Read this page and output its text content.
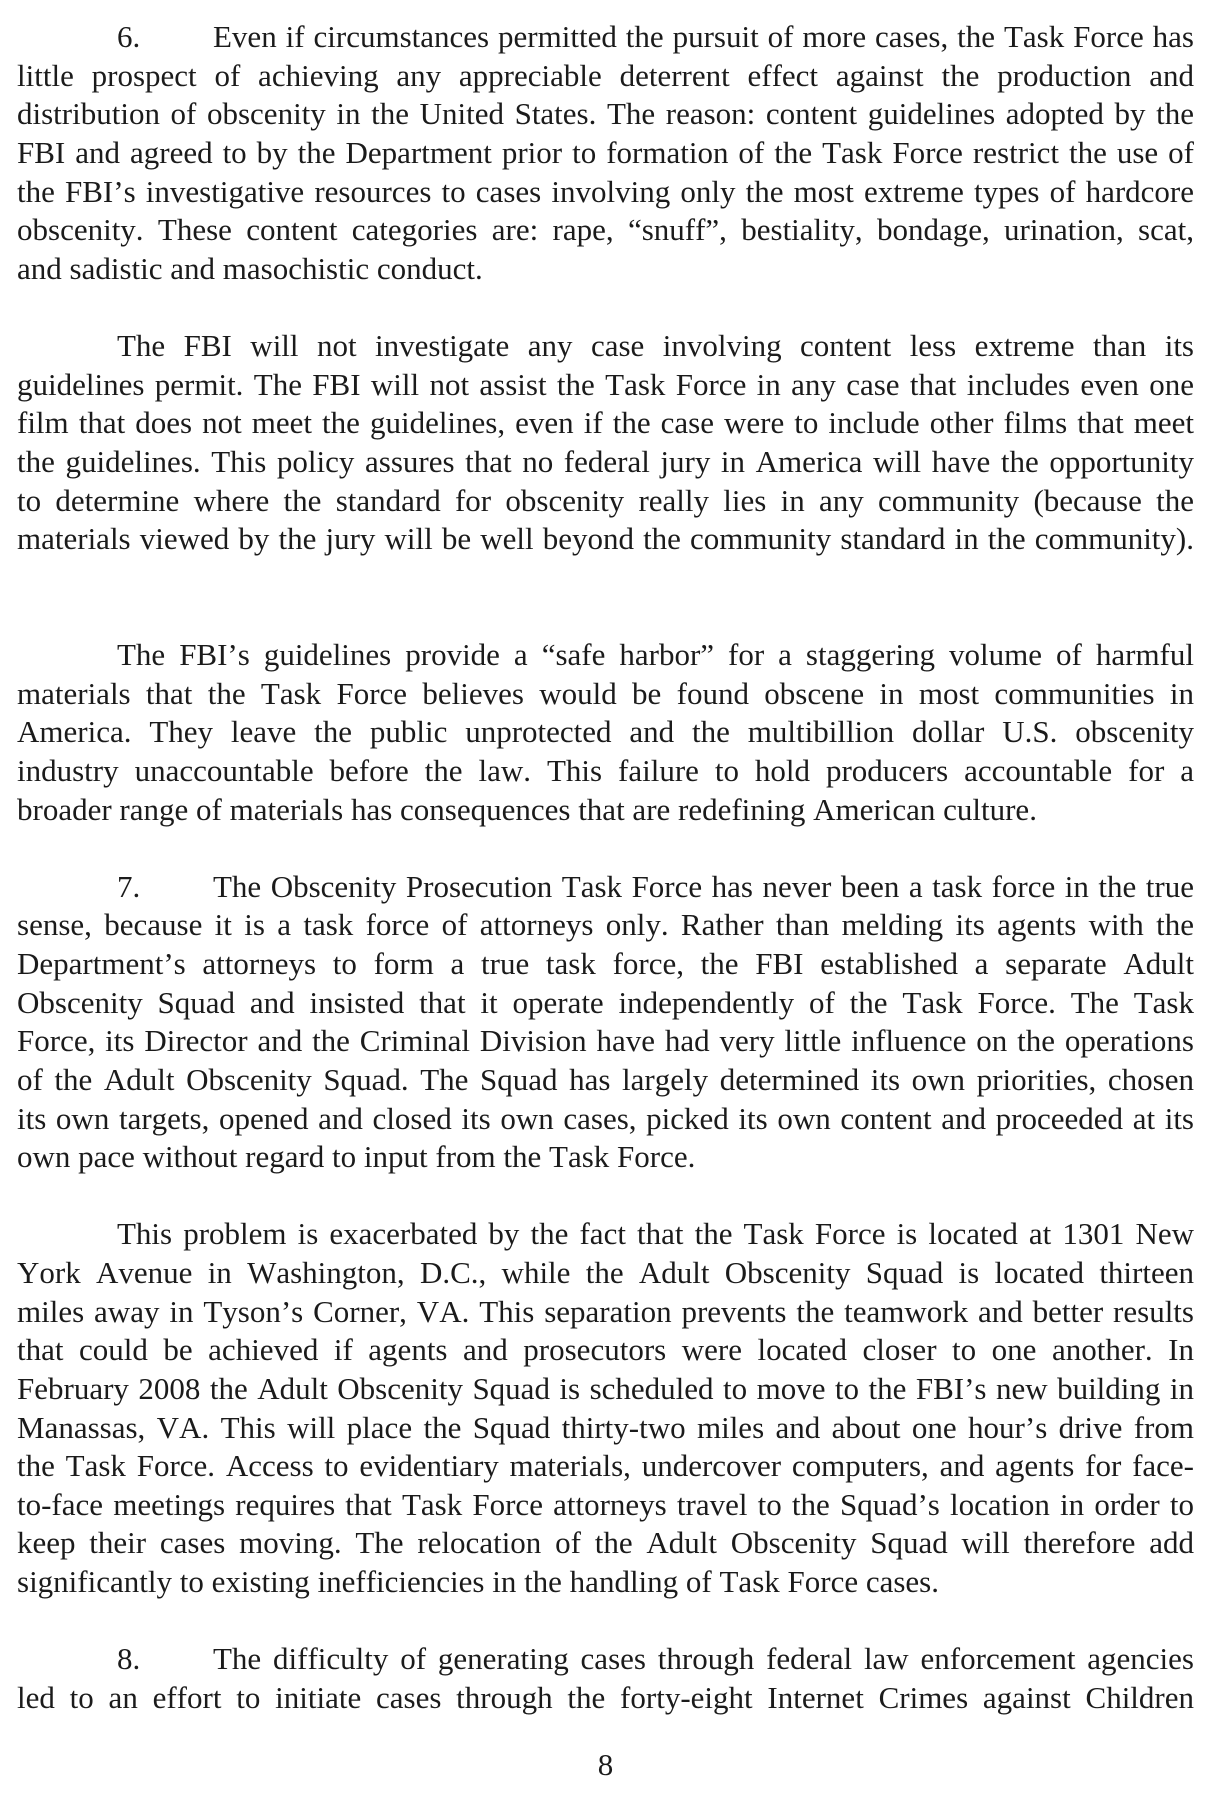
6.	Even if circumstances permitted the pursuit of more cases, the Task Force has
little prospect of achieving any appreciable deterrent effect against the production and
distribution of obscenity in the United States. The reason: content guidelines adopted by the
FBI and agreed to by the Department prior to formation of the Task Force restrict the use of
the FBI’s investigative resources to cases involving only the most extreme types of hardcore
obscenity. These content categories are: rape, “snuff”, bestiality, bondage, urination, scat,
and sadistic and masochistic conduct.
The FBI will not investigate any case involving content less extreme than its
guidelines permit. The FBI will not assist the Task Force in any case that includes even one
film that does not meet the guidelines, even if the case were to include other films that meet
the guidelines. This policy assures that no federal jury in America will have the opportunity
to determine where the standard for obscenity really lies in any community (because the
materials viewed by the jury will be well beyond the community standard in the community).
The FBI’s guidelines provide a “safe harbor” for a staggering volume of harmful
materials that the Task Force believes would be found obscene in most communities in
America. They leave the public unprotected and the multibillion dollar U.S. obscenity
industry unaccountable before the law. This failure to hold producers accountable for a
broader range of materials has consequences that are redefining American culture.
7.	The Obscenity Prosecution Task Force has never been a task force in the true
sense, because it is a task force of attorneys only. Rather than melding its agents with the
Department’s attorneys to form a true task force, the FBI established a separate Adult
Obscenity Squad and insisted that it operate independently of the Task Force. The Task
Force, its Director and the Criminal Division have had very little influence on the operations
of the Adult Obscenity Squad. The Squad has largely determined its own priorities, chosen
its own targets, opened and closed its own cases, picked its own content and proceeded at its
own pace without regard to input from the Task Force.
This problem is exacerbated by the fact that the Task Force is located at 1301 New
York Avenue in Washington, D.C., while the Adult Obscenity Squad is located thirteen
miles away in Tyson’s Corner, VA. This separation prevents the teamwork and better results
that could be achieved if agents and prosecutors were located closer to one another. In
February 2008 the Adult Obscenity Squad is scheduled to move to the FBI’s new building in
Manassas, VA. This will place the Squad thirty-two miles and about one hour’s drive from
the Task Force. Access to evidentiary materials, undercover computers, and agents for face-
to-face meetings requires that Task Force attorneys travel to the Squad’s location in order to
keep their cases moving. The relocation of the Adult Obscenity Squad will therefore add
significantly to existing inefficiencies in the handling of Task Force cases.
8.	The difficulty of generating cases through federal law enforcement agencies
led to an effort to initiate cases through the forty-eight Internet Crimes against Children
8
